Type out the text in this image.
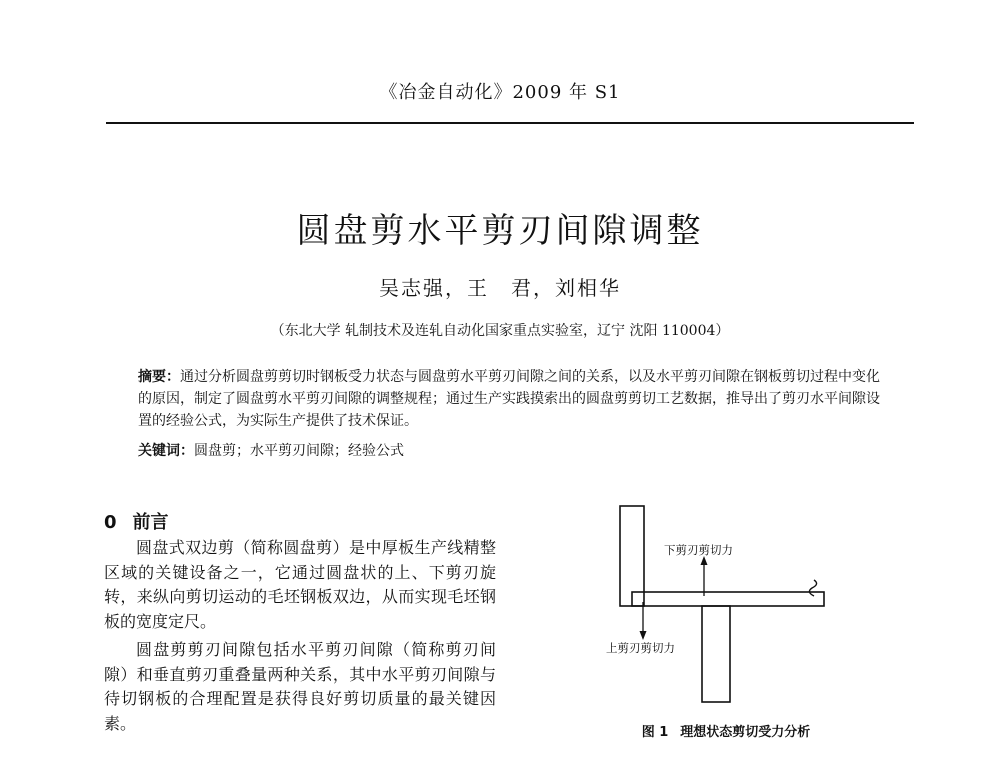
《冶金自动化》2009 年 S1
圆盘剪水平剪刃间隙调整
吴志强，王　君，刘相华
（东北大学 轧制技术及连轧自动化国家重点实验室，辽宁 沈阳 110004）
摘要：通过分析圆盘剪剪切时钢板受力状态与圆盘剪水平剪刃间隙之间的关系，以及水平剪刃间隙在钢板剪切过程中变化的原因，制定了圆盘剪水平剪刃间隙的调整规程；通过生产实践摸索出的圆盘剪剪切工艺数据，推导出了剪刃水平间隙设置的经验公式，为实际生产提供了技术保证。
关键词：圆盘剪；水平剪刃间隙；经验公式
0 前言

圆盘式双边剪（简称圆盘剪）是中厚板生产线精整区域的关键设备之一，它通过圆盘状的上、下剪刃旋转，来纵向剪切运动的毛坯钢板双边，从而实现毛坯钢板的宽度定尺。

圆盘剪剪刃间隙包括水平剪刃间隙（简称剪刃间隙）和垂直剪刃重叠量两种关系，其中水平剪刃间隙与待切钢板的合理配置是获得良好剪切质量的最关键因素。

下剪刃剪切力
上剪刃剪切力
图 1 理想状态剪切受力分析
